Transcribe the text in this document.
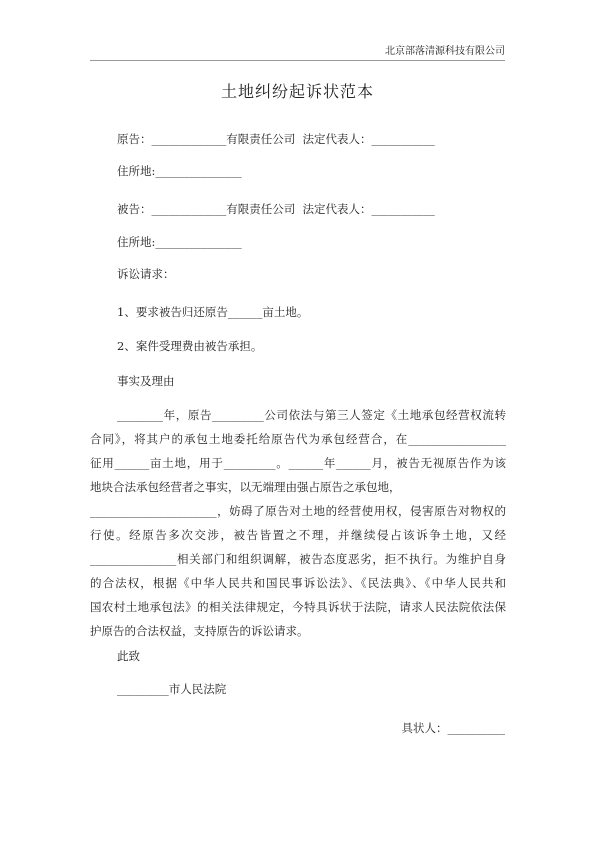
北京部落清源科技有限公司
土地纠纷起诉状范本
原告：_____________有限责任公司  法定代表人：___________
住所地:_______________
被告：_____________有限责任公司  法定代表人：___________
住所地:_______________
诉讼请求：
1、要求被告归还原告______亩土地。
2、案件受理费由被告承担。
事实及理由
________年，原告_________公司依法与第三人签定《土地承包经营权流转
合同》，将其户的承包土地委托给原告代为承包经营合，在_________________
征用______亩土地，用于_________。______年______月，被告无视原告作为该
地块合法承包经营者之事实，以无端理由强占原告之承包地，
______________________，妨碍了原告对土地的经营使用权，侵害原告对物权的
行使。经原告多次交涉，被告皆置之不理，并继续侵占该诉争土地，又经
_______________相关部门和组织调解，被告态度恶劣，拒不执行。为维护自身
的合法权，根据《中华人民共和国民事诉讼法》、《民法典》、《中华人民共和
国农村土地承包法》的相关法律规定，今特具诉状于法院，请求人民法院依法保
护原告的合法权益，支持原告的诉讼请求。
此致
_________市人民法院
具状人：__________
